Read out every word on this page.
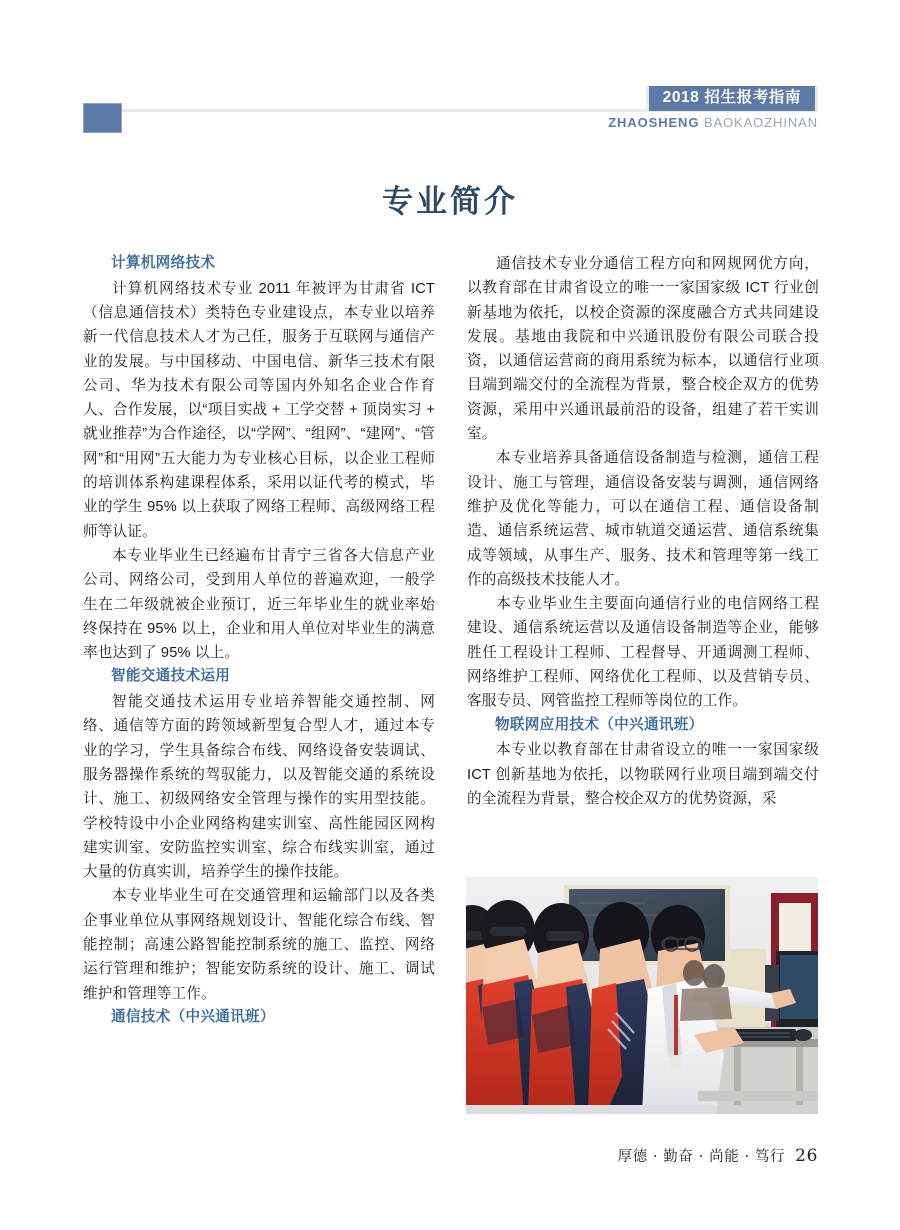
2018 招生报考指南
ZHAOSHENG BAOKAOZHINAN
专业简介
计算机网络技术

计算机网络技术专业 2011 年被评为甘肃省 ICT（信息通信技术）类特色专业建设点，本专业以培养新一代信息技术人才为己任，服务于互联网与通信产业的发展。与中国移动、中国电信、新华三技术有限公司、华为技术有限公司等国内外知名企业合作育人、合作发展，以“项目实战 + 工学交替 + 顶岗实习 + 就业推荐”为合作途径，以“学网”、“组网”、“建网”、“管网”和“用网”五大能力为专业核心目标，以企业工程师的培训体系构建课程体系，采用以证代考的模式，毕业的学生 95% 以上获取了网络工程师、高级网络工程师等认证。

本专业毕业生已经遍布甘青宁三省各大信息产业公司、网络公司，受到用人单位的普遍欢迎，一般学生在二年级就被企业预订，近三年毕业生的就业率始终保持在 95% 以上，企业和用人单位对毕业生的满意率也达到了 95% 以上。

智能交通技术运用

智能交通技术运用专业培养智能交通控制、网络、通信等方面的跨领域新型复合型人才，通过本专业的学习，学生具备综合布线、网络设备安装调试、服务器操作系统的驾驭能力，以及智能交通的系统设计、施工、初级网络安全管理与操作的实用型技能。学校特设中小企业网络构建实训室、高性能园区网构建实训室、安防监控实训室、综合布线实训室，通过大量的仿真实训，培养学生的操作技能。

本专业毕业生可在交通管理和运输部门以及各类企事业单位从事网络规划设计、智能化综合布线、智能控制；高速公路智能控制系统的施工、监控、网络运行管理和维护；智能安防系统的设计、施工、调试维护和管理等工作。

通信技术（中兴通讯班）

通信技术专业分通信工程方向和网规网优方向，以教育部在甘肃省设立的唯一一家国家级 ICT 行业创新基地为依托，以校企资源的深度融合方式共同建设发展。基地由我院和中兴通讯股份有限公司联合投资，以通信运营商的商用系统为标本，以通信行业项目端到端交付的全流程为背景，整合校企双方的优势资源，采用中兴通讯最前沿的设备，组建了若干实训室。

本专业培养具备通信设备制造与检测，通信工程设计、施工与管理，通信设备安装与调测，通信网络维护及优化等能力，可以在通信工程、通信设备制造、通信系统运营、城市轨道交通运营、通信系统集成等领域，从事生产、服务、技术和管理等第一线工作的高级技术技能人才。

本专业毕业生主要面向通信行业的电信网络工程建设、通信系统运营以及通信设备制造等企业，能够胜任工程设计工程师、工程督导、开通调测工程师、网络维护工程师、网络优化工程师、以及营销专员、客服专员、网管监控工程师等岗位的工作。

物联网应用技术（中兴通讯班）

本专业以教育部在甘肃省设立的唯一一家国家级 ICT 创新基地为依托，以物联网行业项目端到端交付的全流程为背景，整合校企双方的优势资源，采

厚德 · 勤奋 · 尚能 · 笃行 26
